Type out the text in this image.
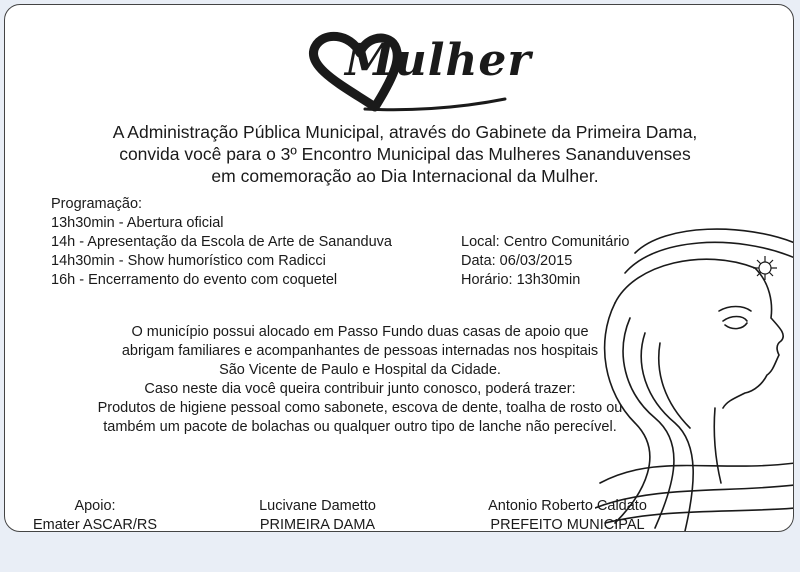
Mulher
A Administração Pública Municipal, através do Gabinete da Primeira Dama,
convida você para o 3º Encontro Municipal das Mulheres Sananduvenses
em comemoração ao Dia Internacional da Mulher.
Programação:
13h30min - Abertura oficial
14h - Apresentação da Escola de Arte de Sananduva
14h30min - Show humorístico com Radicci
16h - Encerramento do evento com coquetel
Local: Centro Comunitário
Data: 06/03/2015
Horário: 13h30min
O município possui alocado em Passo Fundo duas casas de apoio que
abrigam familiares e acompanhantes de pessoas internadas nos hospitais
São Vicente de Paulo e Hospital da Cidade.
Caso neste dia você queira contribuir junto conosco, poderá trazer:
Produtos de higiene pessoal como sabonete, escova de dente, toalha de rosto ou
também um pacote de bolachas ou qualquer outro tipo de lanche não perecível.
Apoio:
Emater ASCAR/RS
Lucivane Dametto
PRIMEIRA DAMA
Antonio Roberto Caldato
PREFEITO MUNICIPAL
